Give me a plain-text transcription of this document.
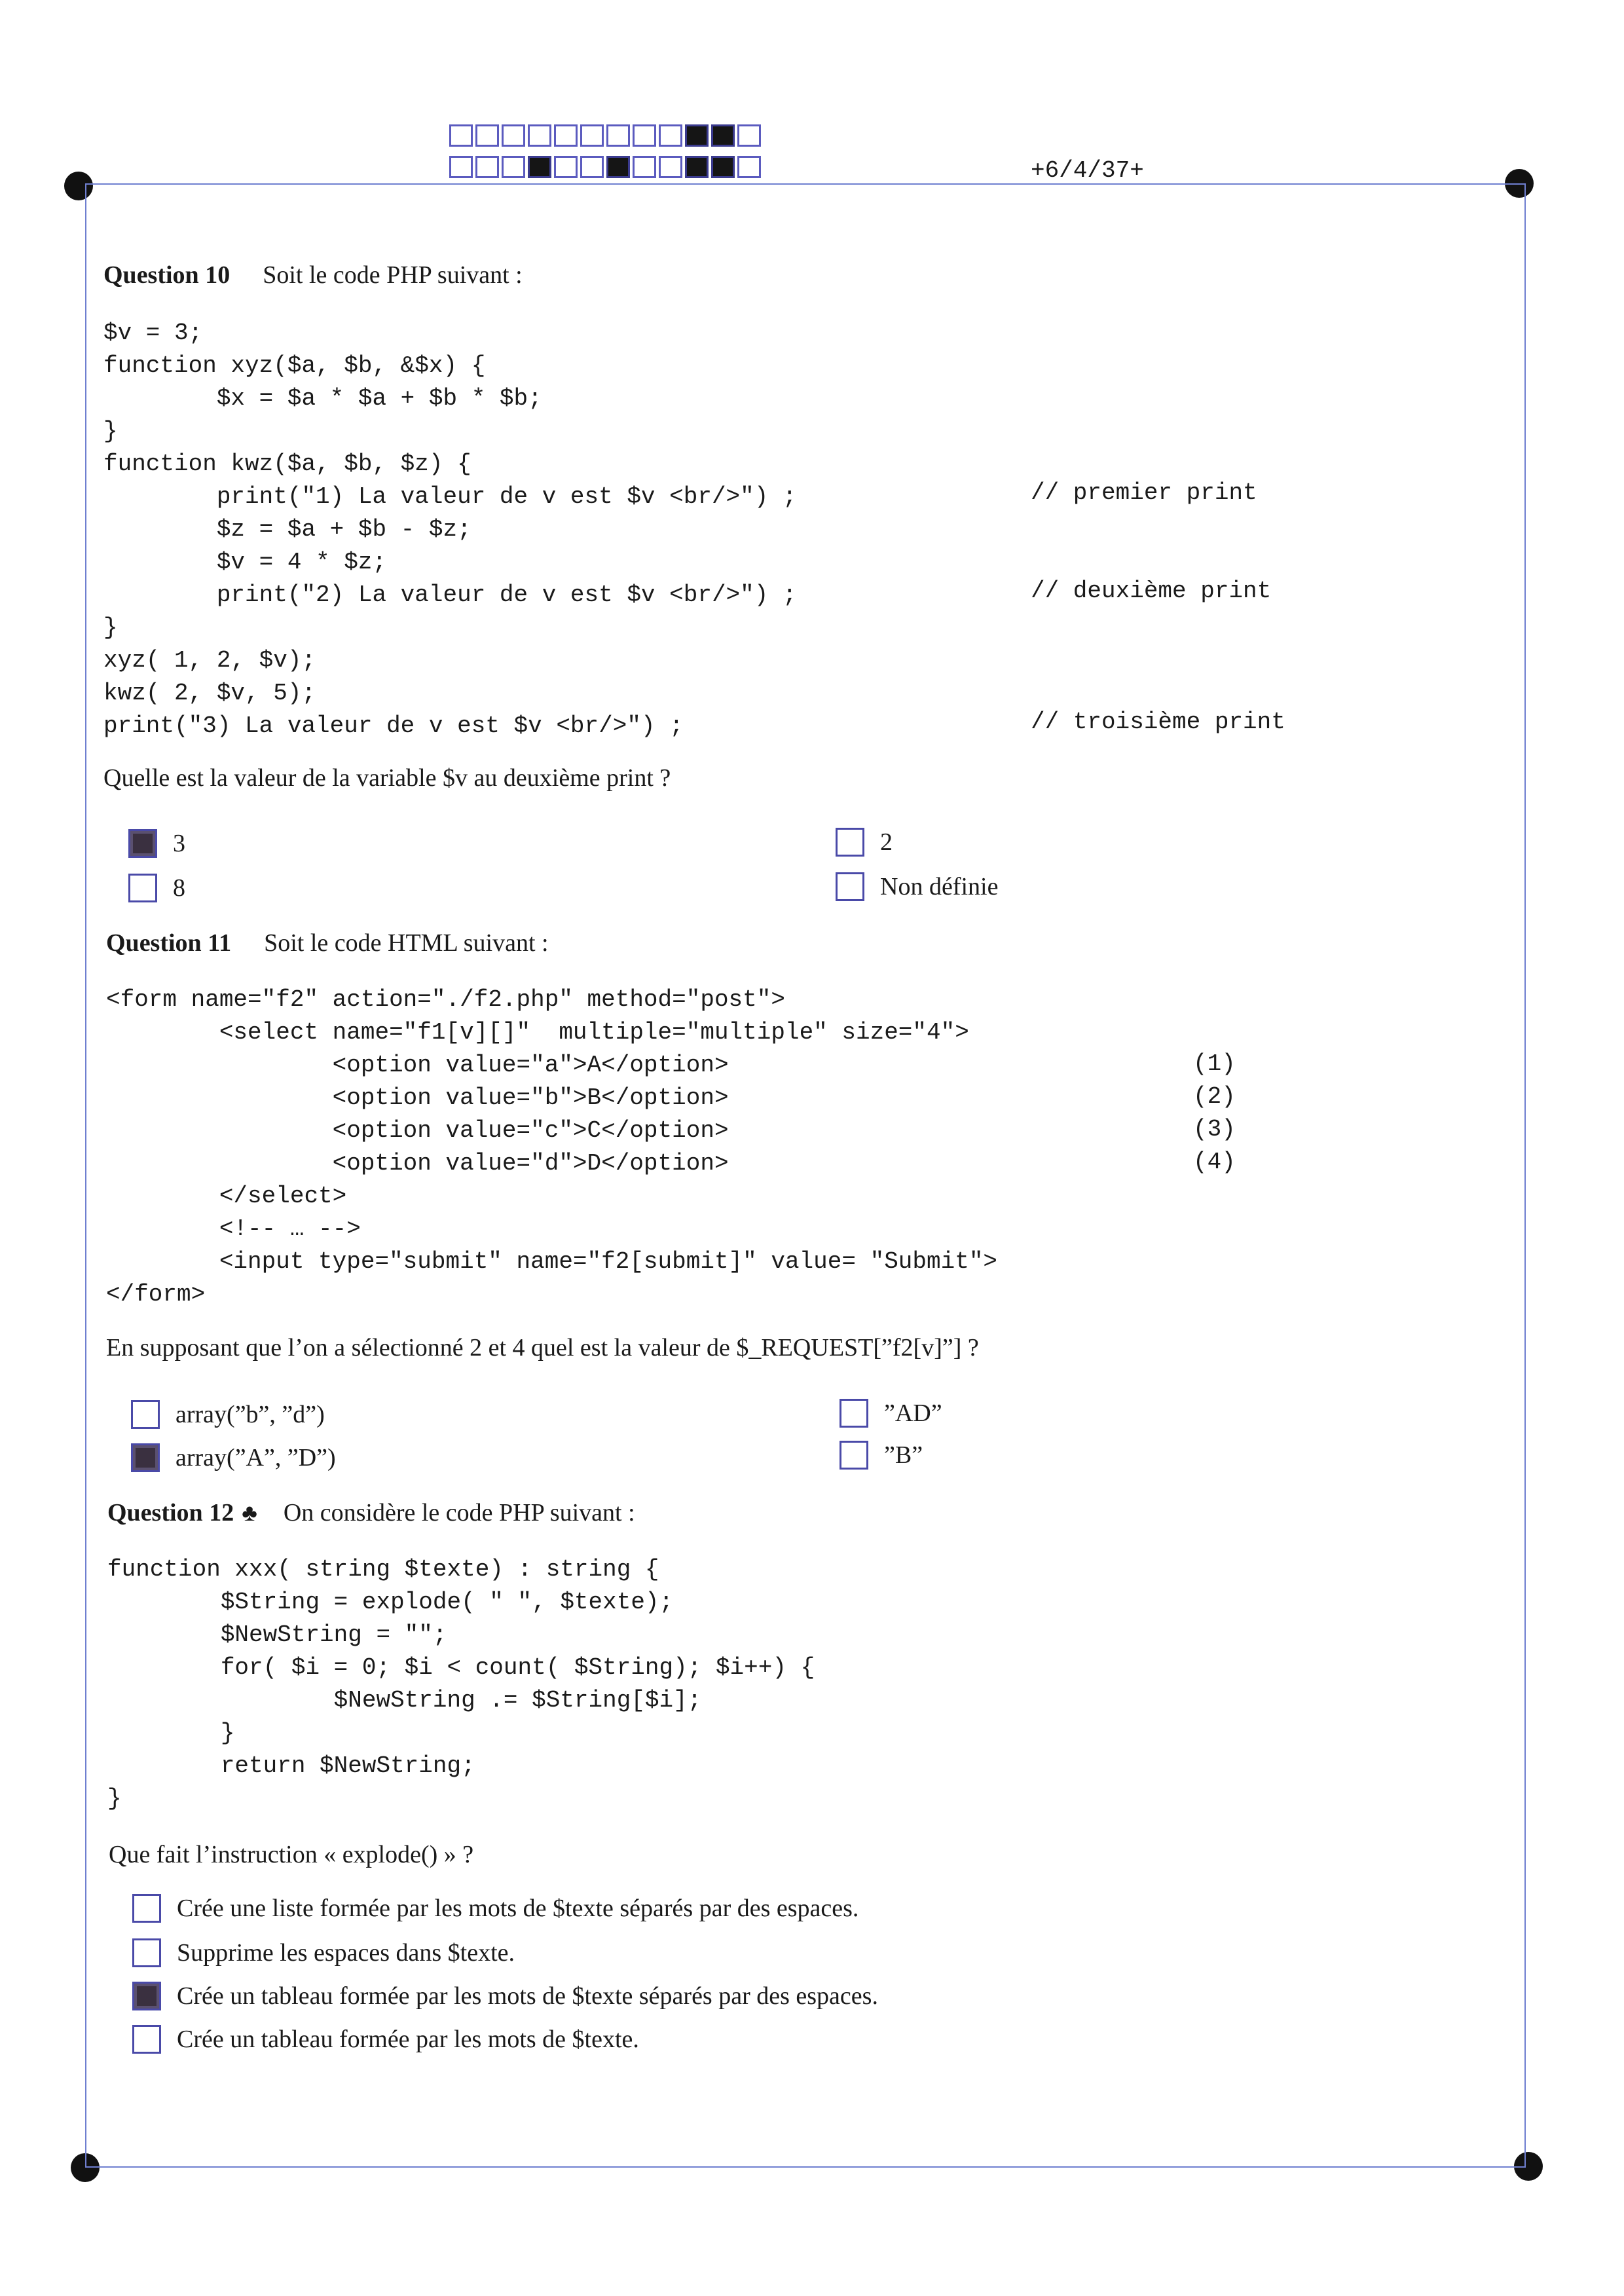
+6/4/37+
Question 10 Soit le code PHP suivant :
$v = 3;
function xyz($a, $b, &$x) {
$x = $a * $a + $b * $b;
}
function kwz($a, $b, $z) {
print("1) La valeur de v est $v <br/>") ;
$z = $a + $b - $z;
$v = 4 * $z;
print("2) La valeur de v est $v <br/>") ;
}
xyz( 1, 2, $v);
kwz( 2, $v, 5);
print("3) La valeur de v est $v <br/>") ;
// premier print
// deuxième print
// troisième print
Quelle est la valeur de la variable $v au deuxième print ?
3	2
8	Non définie
Question 11 Soit le code HTML suivant :
<form name="f2" action="./f2.php" method="post">
<select name="f1[v][]"  multiple="multiple" size="4">
<option value="a">A</option>
<option value="b">B</option>
<option value="c">C</option>
<option value="d">D</option>
</select>
<!-- … -->
<input type="submit" name="f2[submit]" value= "Submit">
</form>
(1)
(2)
(3)
(4)
En supposant que l’on a sélectionné 2 et 4 quel est la valeur de $_REQUEST[”f2[v]”] ?
array(”b”, ”d”)	”AD”
array(”A”, ”D”)	”B”
Question 12 ♣ On considère le code PHP suivant :
function xxx( string $texte) : string {
$String = explode( " ", $texte);
$NewString = "";
for( $i = 0; $i < count( $String); $i++) {
$NewString .= $String[$i];
}
return $NewString;
}
Que fait l’instruction « explode() » ?
Crée une liste formée par les mots de $texte séparés par des espaces.
Supprime les espaces dans $texte.
Crée un tableau formée par les mots de $texte séparés par des espaces.
Crée un tableau formée par les mots de $texte.
